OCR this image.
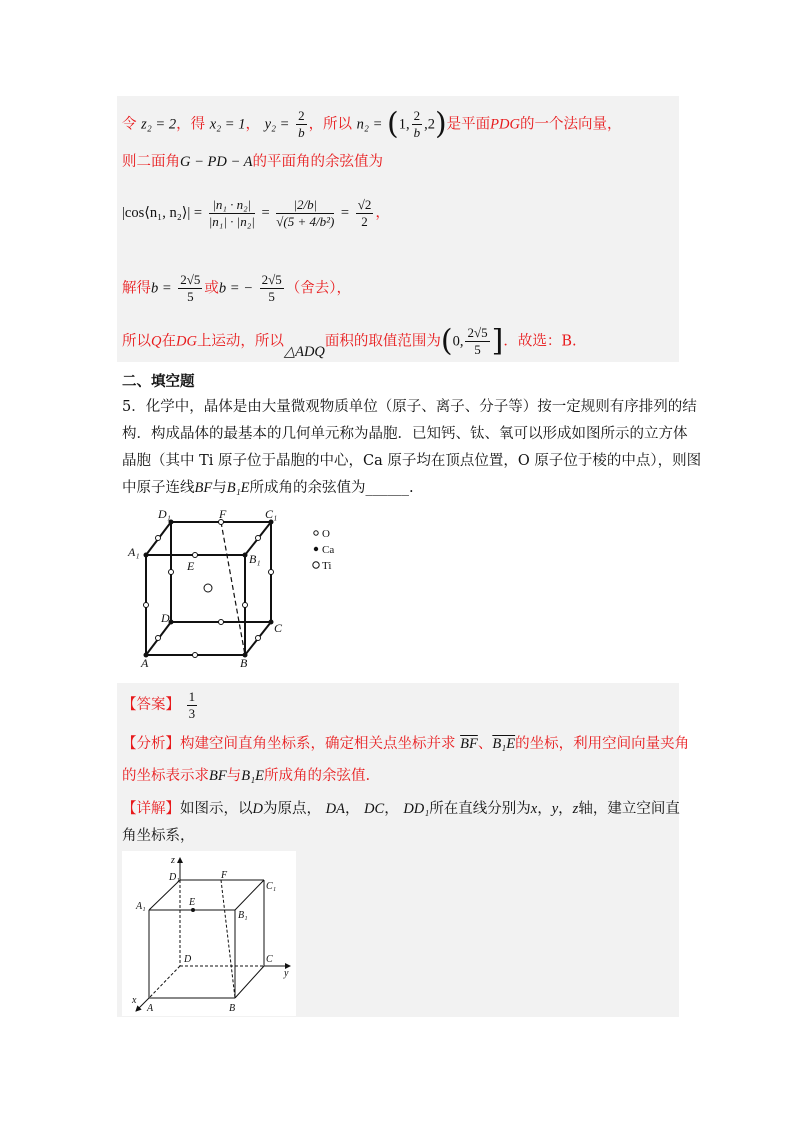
令 z₂ = 2，得 x₂ = 1， $y_2 = \frac{2}{b}$ ，所以 n₂ = (1, $\frac{2}{b} ,2$)是平面PDG的一个法向量，
则二面角G − PD − A的平面角的余弦值为
|cos⟨n₁, n₂⟩| = $\frac{\text{|n₁ · n₂|}}{\text{|n₁| · |n₂|}} = \frac{|2/b|}{\text{√(5 + 4/b²)}} = \frac{√2}{2}$ ，
解得$b = \frac{2√5}{5}$ 或b = − $\frac{2√5}{5}$ （舍去），
所以Q在DG上运动，所以△ADQ面积的取值范围为(0, $\frac{2√5}{5}$ ]．故选：B.
二、填空题
5．化学中，晶体是由大量微观物质单位（原子、离子、分子等）按一定规则有序排列的结
构．构成晶体的最基本的几何单元称为晶胞．已知钙、钛、氧可以形成如图所示的立方体
晶胞（其中 Ti 原子位于晶胞的中心，Ca 原子均在顶点位置，O 原子位于棱的中点），则图
中原子连线BF与B₁E所成角的余弦值为______.
D₁	F	C₁
A₁
E	B₁
D
C
A	B
O
Ca
Ti
【答案】 $\frac{1}{3}$
【分析】构建空间直角坐标系，确定相关点坐标并求 $\overline{BF}$、B₁E的坐标，利用空间向量夹角
的坐标表示求BF与B₁E所成角的余弦值.
【详解】如图示，以D为原点， DA， DC， DD₁所在直线分别为x，y，z轴，建立空间直
角坐标系，
z
D₁	F
C₁
A₁	E
B₁
D	C
y
x
A	B
